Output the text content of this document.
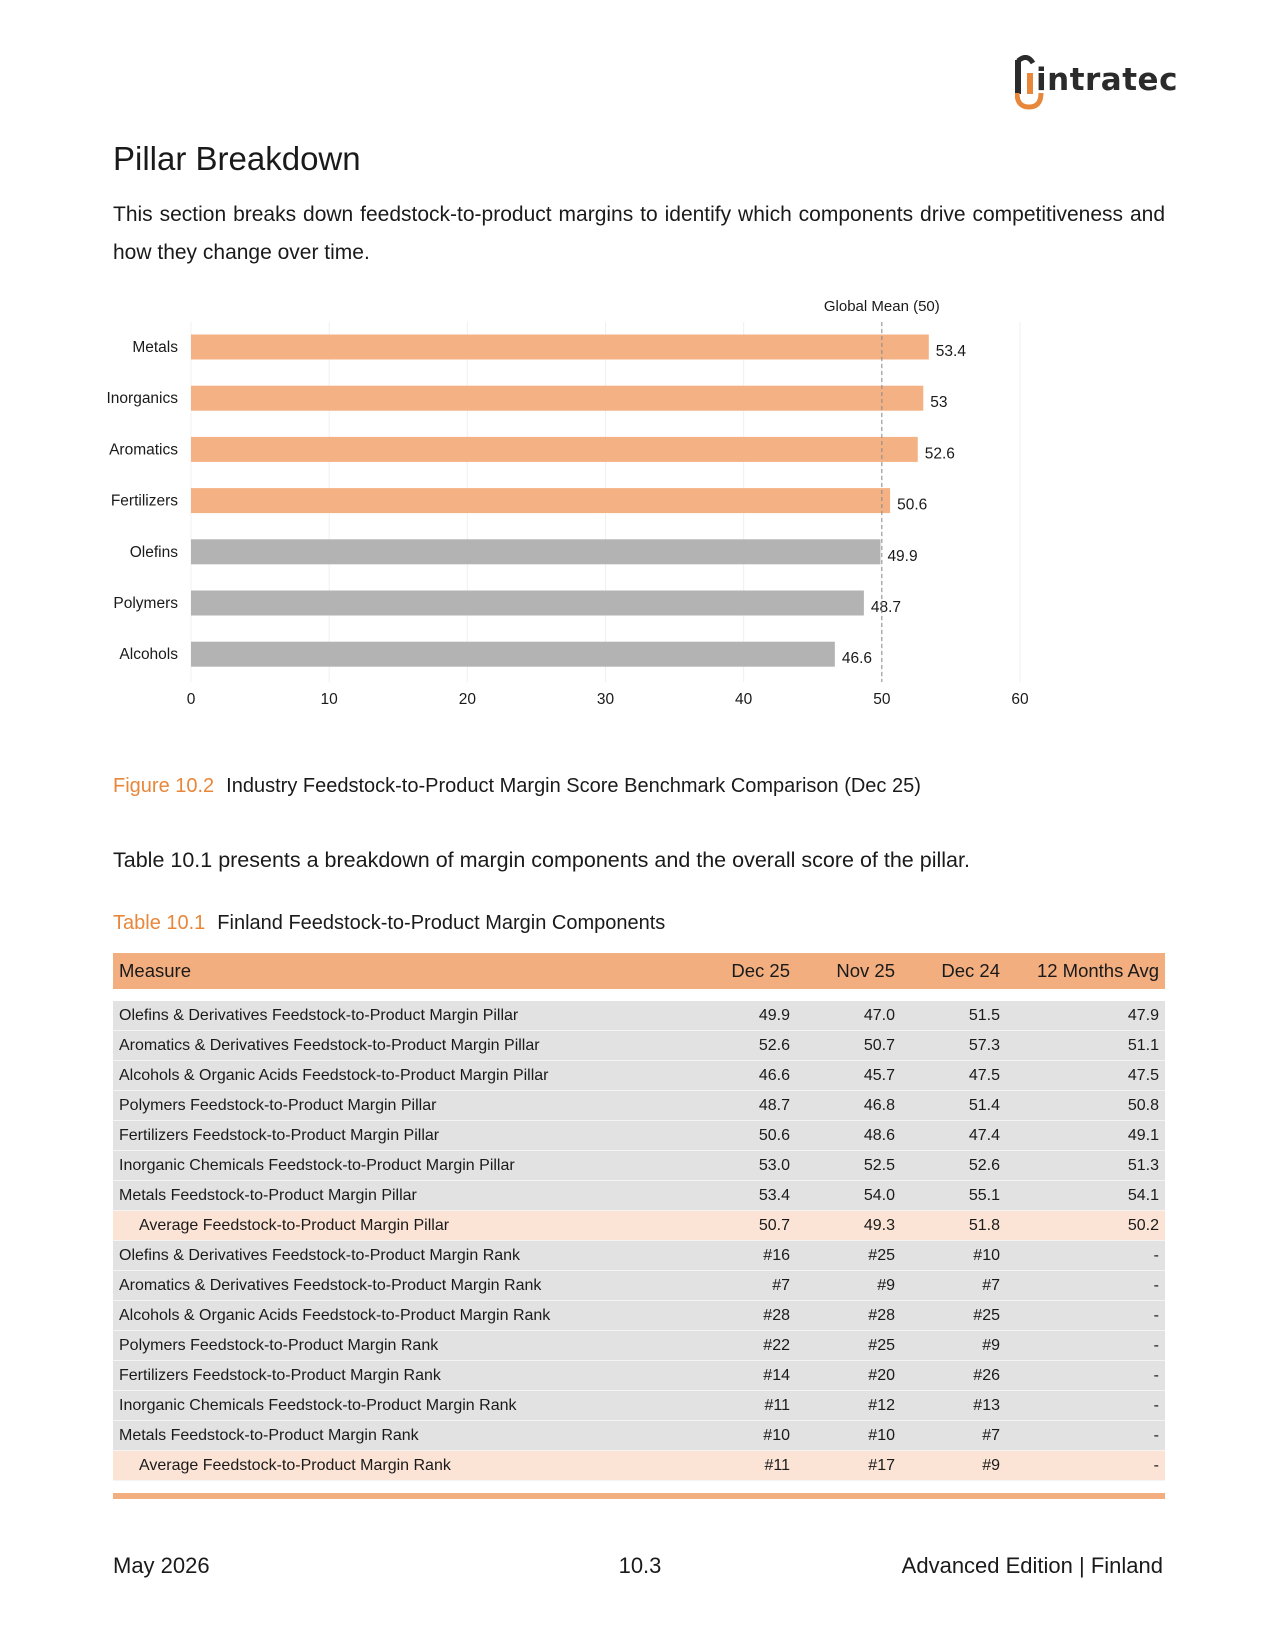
intratec
Pillar Breakdown

This section breaks down feedstock-to-product margins to identify which components drive competitiveness and how they change over time.

Metals	53.4
Inorganics	53
Aromatics	52.6
Fertilizers	50.6
Olefins	49.9
Polymers	48.7
Alcohols	46.6
Global Mean (50)
0	10	20	30	40	50	60
Figure 10.2 Industry Feedstock-to-Product Margin Score Benchmark Comparison (Dec 25)

Table 10.1 presents a breakdown of margin components and the overall score of the pillar.

Table 10.1 Finland Feedstock-to-Product Margin Components
Measure	Dec 25	Nov 25	Dec 24	12 Months Avg

Olefins & Derivatives Feedstock-to-Product Margin Pillar	49.9	47.0	51.5	47.9
Aromatics & Derivatives Feedstock-to-Product Margin Pillar	52.6	50.7	57.3	51.1
Alcohols & Organic Acids Feedstock-to-Product Margin Pillar	46.6	45.7	47.5	47.5
Polymers Feedstock-to-Product Margin Pillar	48.7	46.8	51.4	50.8
Fertilizers Feedstock-to-Product Margin Pillar	50.6	48.6	47.4	49.1
Inorganic Chemicals Feedstock-to-Product Margin Pillar	53.0	52.5	52.6	51.3
Metals Feedstock-to-Product Margin Pillar	53.4	54.0	55.1	54.1
Average Feedstock-to-Product Margin Pillar	50.7	49.3	51.8	50.2
Olefins & Derivatives Feedstock-to-Product Margin Rank	#16	#25	#10	-
Aromatics & Derivatives Feedstock-to-Product Margin Rank	#7	#9	#7	-
Alcohols & Organic Acids Feedstock-to-Product Margin Rank	#28	#28	#25	-
Polymers Feedstock-to-Product Margin Rank	#22	#25	#9	-
Fertilizers Feedstock-to-Product Margin Rank	#14	#20	#26	-
Inorganic Chemicals Feedstock-to-Product Margin Rank	#11	#12	#13	-
Metals Feedstock-to-Product Margin Rank	#10	#10	#7	-
Average Feedstock-to-Product Margin Rank	#11	#17	#9	-
May 2026	10.3	Advanced Edition | Finland
